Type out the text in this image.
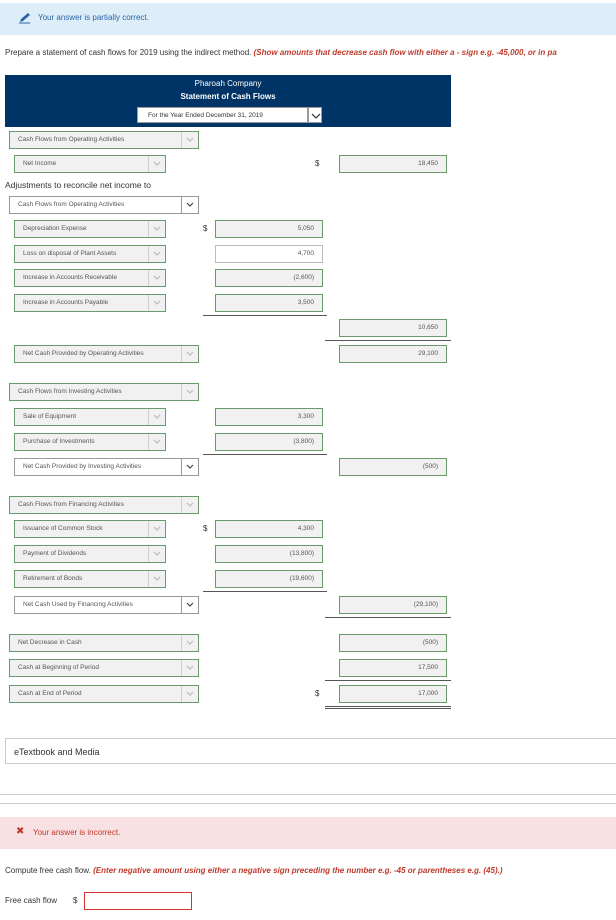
Your answer is partially correct.
Prepare a statement of cash flows for 2019 using the indirect method. (Show amounts that decrease cash flow with either a - sign e.g. -45,000, or in pa
Pharoah Company
Statement of Cash Flows
For the Year Ended December 31, 2019
Cash Flows from Operating Activities
Net Income	$	18,450
Adjustments to reconcile net income to
Cash Flows from Operating Activities
Depreciation Expense	$	5,050
Loss on disposal of Plant Assets	4,700
Increase in Accounts Receivable	(2,600)
Increase in Accounts Payable	3,500
10,650
Net Cash Provided by Operating Activities	29,100
Cash Flows from Investing Activities
Sale of Equipment	3,300
Purchase of Investments	(3,800)
Net Cash Provided by Investing Activities	(500)
Cash Flows from Financing Activities
Issuance of Common Stock	$	4,300
Payment of Dividends	(13,800)
Retirement of Bonds	(19,600)
Net Cash Used by Financing Activities	(29,100)
Net Decrease in Cash	(500)
Cash at Beginning of Period	17,500
Cash at End of Period	$	17,000
eTextbook and Media
✖ Your answer is incorrect.
Compute free cash flow. (Enter negative amount using either a negative sign preceding the number e.g. -45 or parentheses e.g. (45).)
Free cash flow $
